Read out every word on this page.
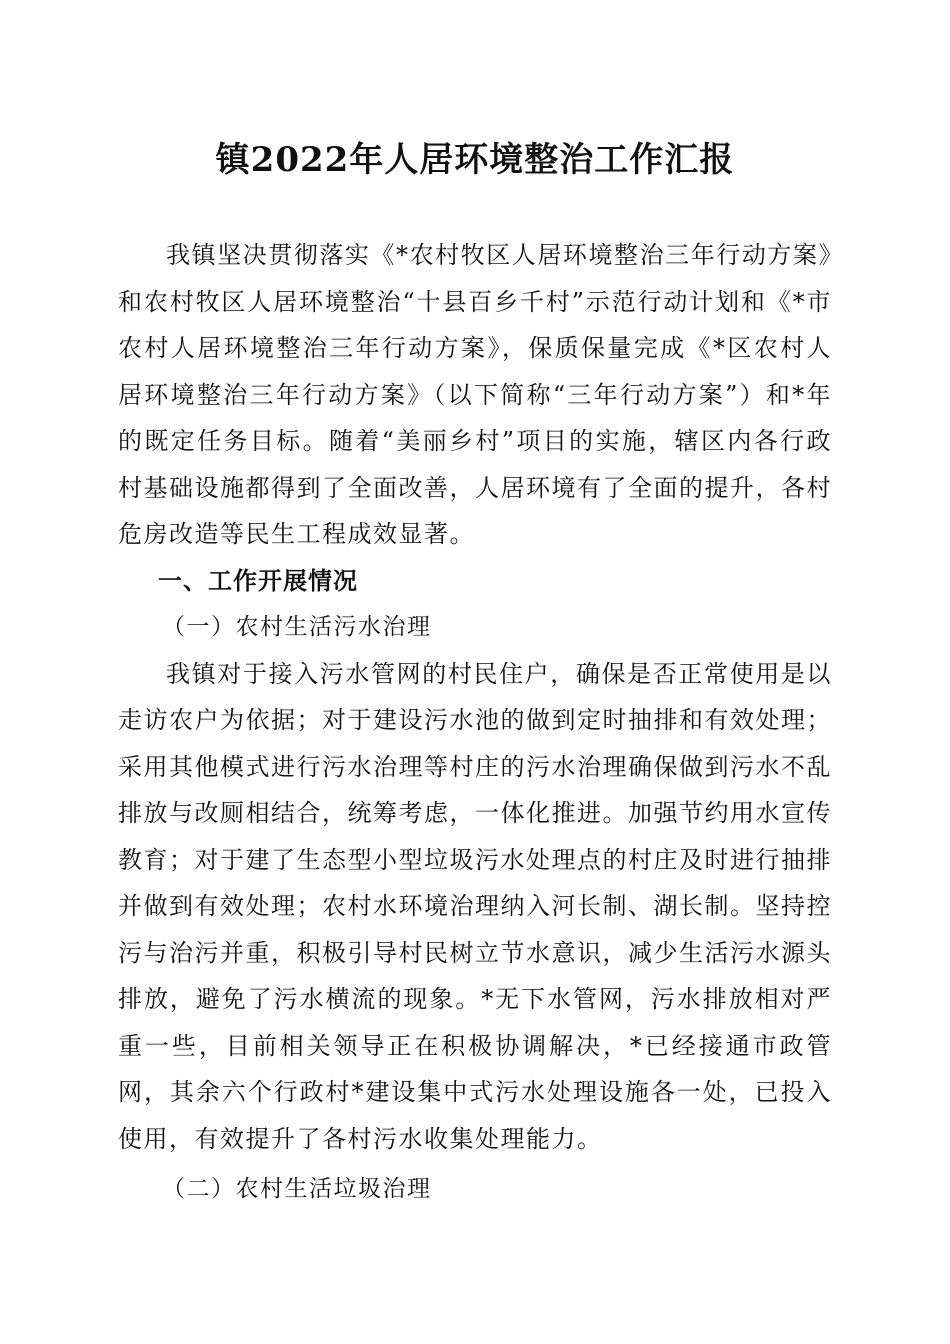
镇2022年人居环境整治工作汇报

我镇坚决贯彻落实《*农村牧区人居环境整治三年行动方案》和农村牧区人居环境整治“十县百乡千村”示范行动计划和《*市农村人居环境整治三年行动方案》，保质保量完成《*区农村人居环境整治三年行动方案》（以下简称“三年行动方案”）和*年的既定任务目标。随着“美丽乡村”项目的实施，辖区内各行政村基础设施都得到了全面改善，人居环境有了全面的提升，各村危房改造等民生工程成效显著。

一、工作开展情况

（一）农村生活污水治理

我镇对于接入污水管网的村民住户，确保是否正常使用是以走访农户为依据；对于建设污水池的做到定时抽排和有效处理；采用其他模式进行污水治理等村庄的污水治理确保做到污水不乱排放与改厕相结合，统筹考虑，一体化推进。加强节约用水宣传教育；对于建了生态型小型垃圾污水处理点的村庄及时进行抽排并做到有效处理；农村水环境治理纳入河长制、湖长制。坚持控污与治污并重，积极引导村民树立节水意识，减少生活污水源头排放，避免了污水横流的现象。*无下水管网，污水排放相对严重一些，目前相关领导正在积极协调解决，*已经接通市政管网，其余六个行政村*建设集中式污水处理设施各一处，已投入使用，有效提升了各村污水收集处理能力。

（二）农村生活垃圾治理
